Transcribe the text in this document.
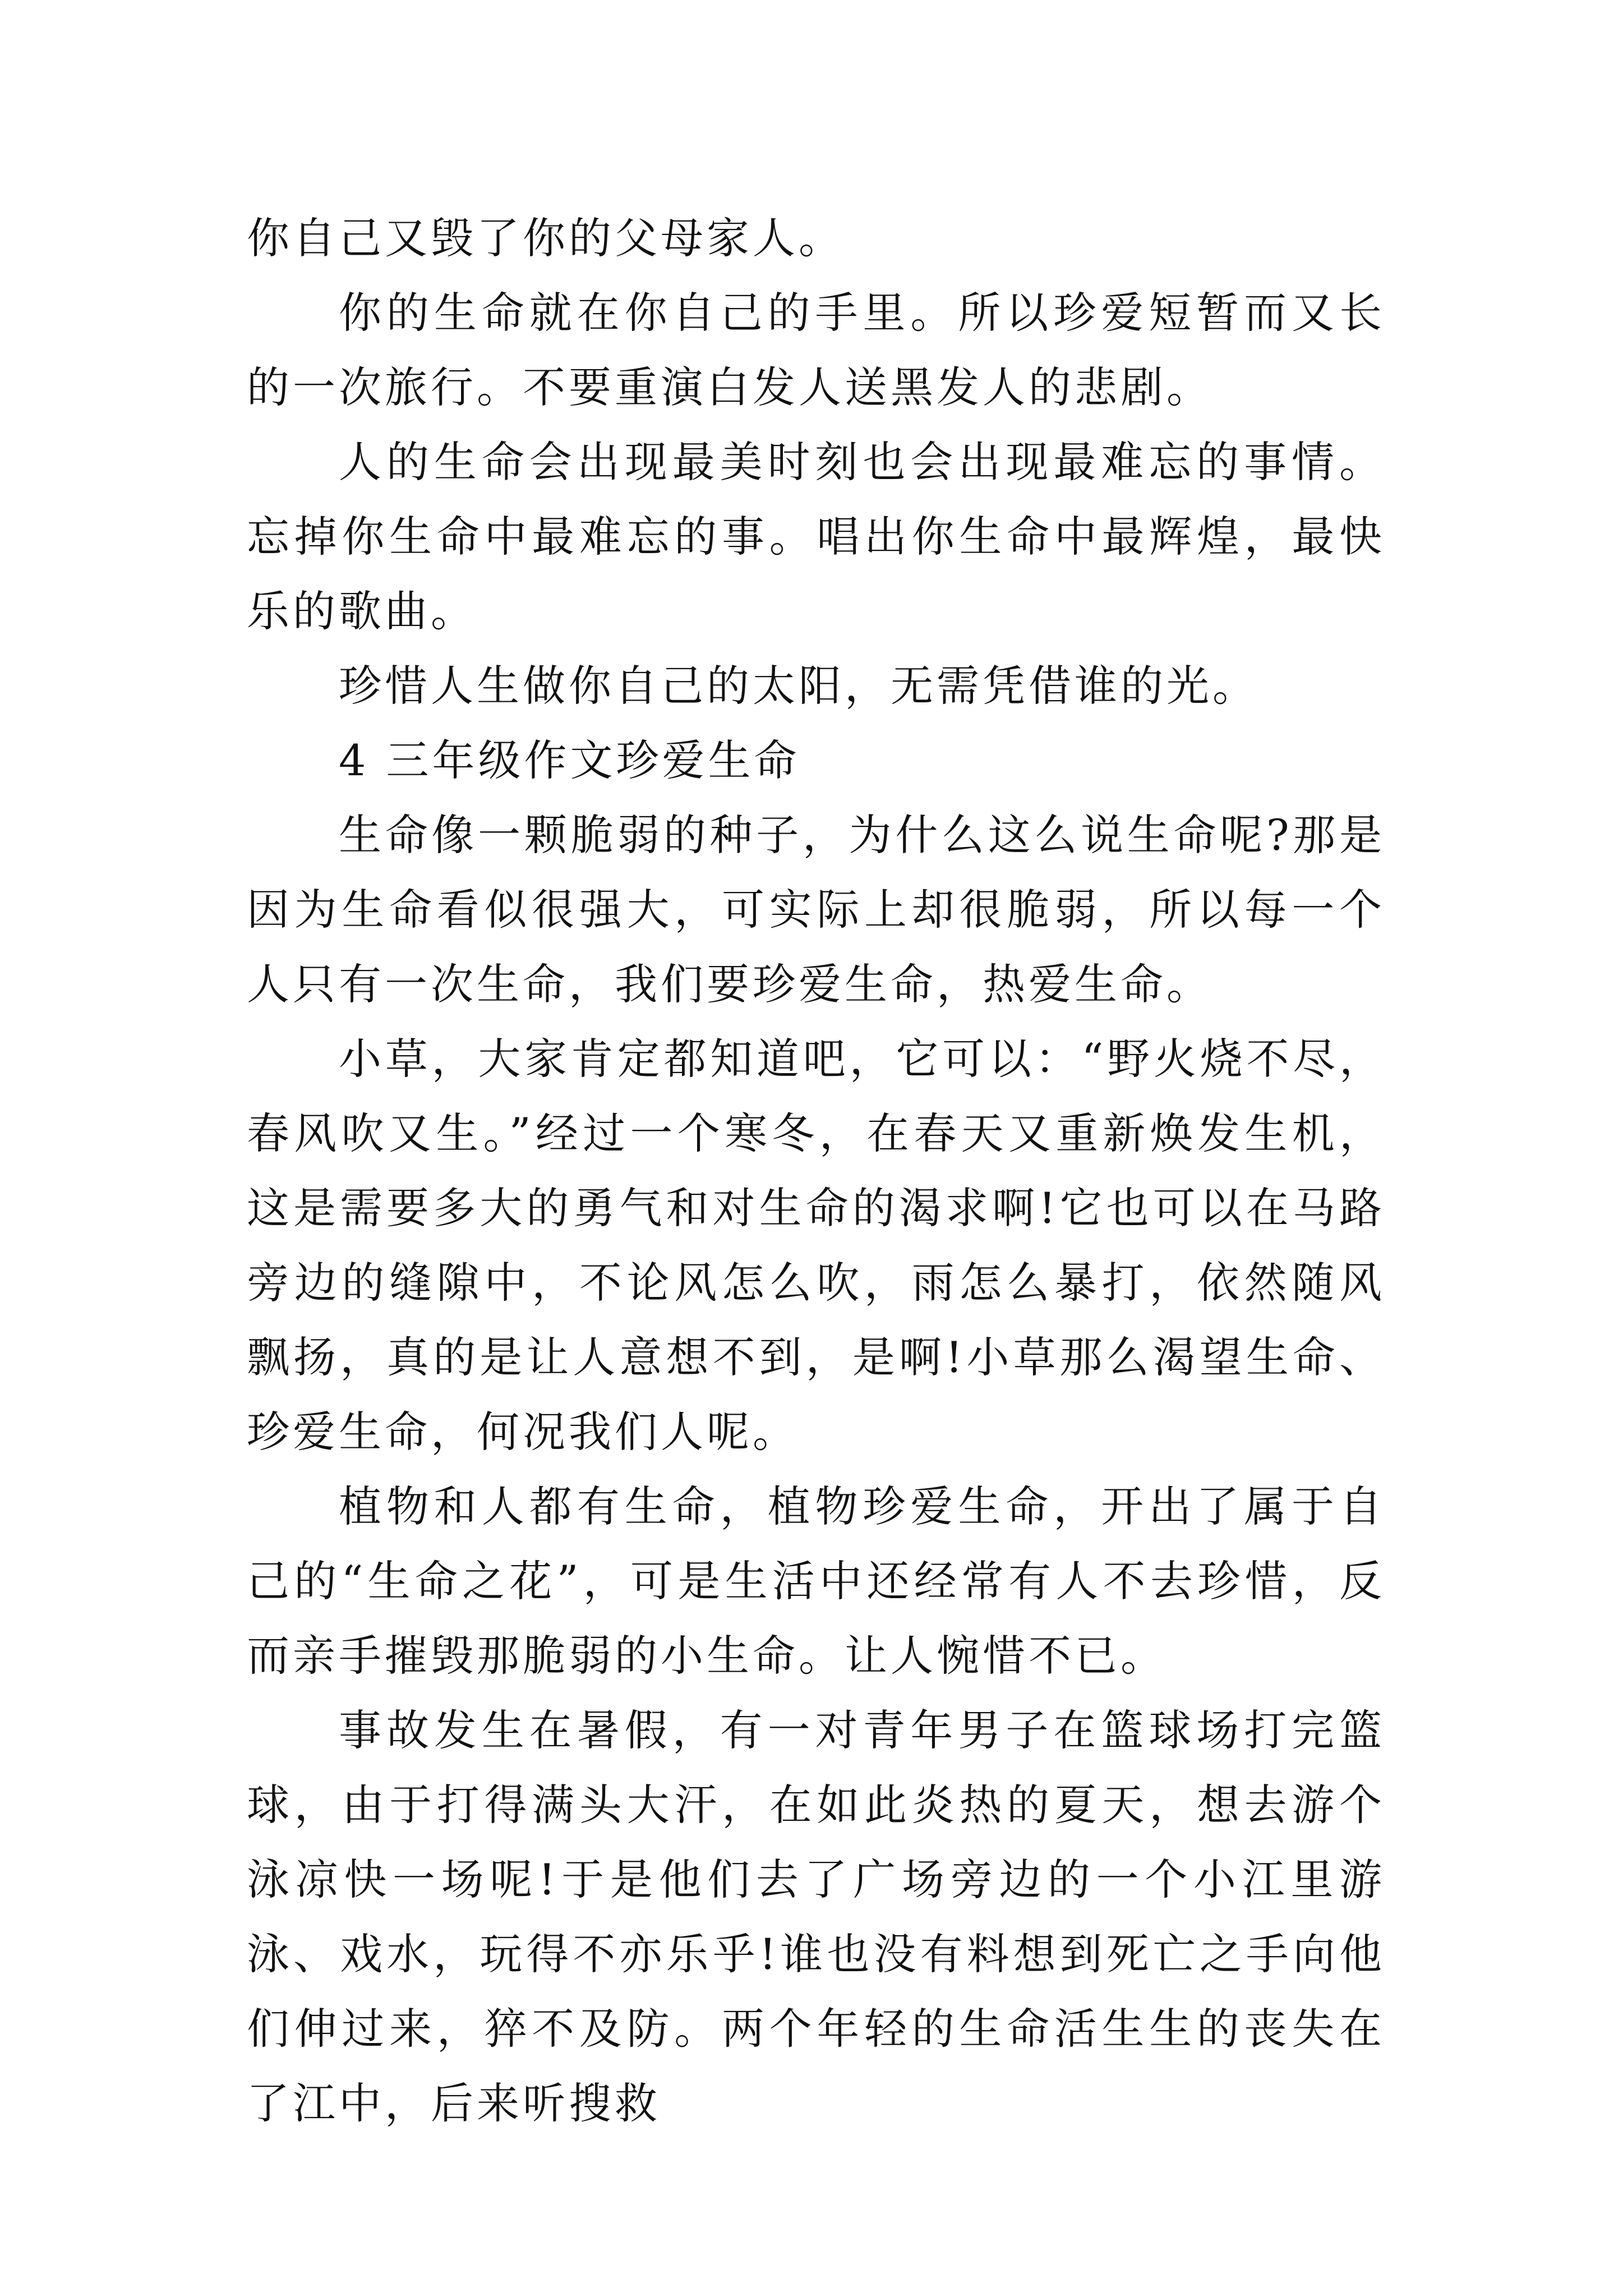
你自己又毁了你的父母家人。

你的生命就在你自己的手里。所以珍爱短暂而又长的一次旅行。不要重演白发人送黑发人的悲剧。

人的生命会出现最美时刻也会出现最难忘的事情。忘掉你生命中最难忘的事。唱出你生命中最辉煌，最快乐的歌曲。

珍惜人生做你自己的太阳，无需凭借谁的光。

4 三年级作文珍爱生命

生命像一颗脆弱的种子，为什么这么说生命呢?那是因为生命看似很强大，可实际上却很脆弱，所以每一个人只有一次生命，我们要珍爱生命，热爱生命。

小草，大家肯定都知道吧，它可以：“野火烧不尽，春风吹又生。”经过一个寒冬，在春天又重新焕发生机，这是需要多大的勇气和对生命的渴求啊!它也可以在马路旁边的缝隙中，不论风怎么吹，雨怎么暴打，依然随风飘扬，真的是让人意想不到，是啊!小草那么渴望生命、珍爱生命，何况我们人呢。

植物和人都有生命，植物珍爱生命，开出了属于自己的“生命之花”，可是生活中还经常有人不去珍惜，反而亲手摧毁那脆弱的小生命。让人惋惜不已。

事故发生在暑假，有一对青年男子在篮球场打完篮球，由于打得满头大汗，在如此炎热的夏天，想去游个泳凉快一场呢!于是他们去了广场旁边的一个小江里游泳、戏水，玩得不亦乐乎!谁也没有料想到死亡之手向他们伸过来，猝不及防。两个年轻的生命活生生的丧失在了江中，后来听搜救
